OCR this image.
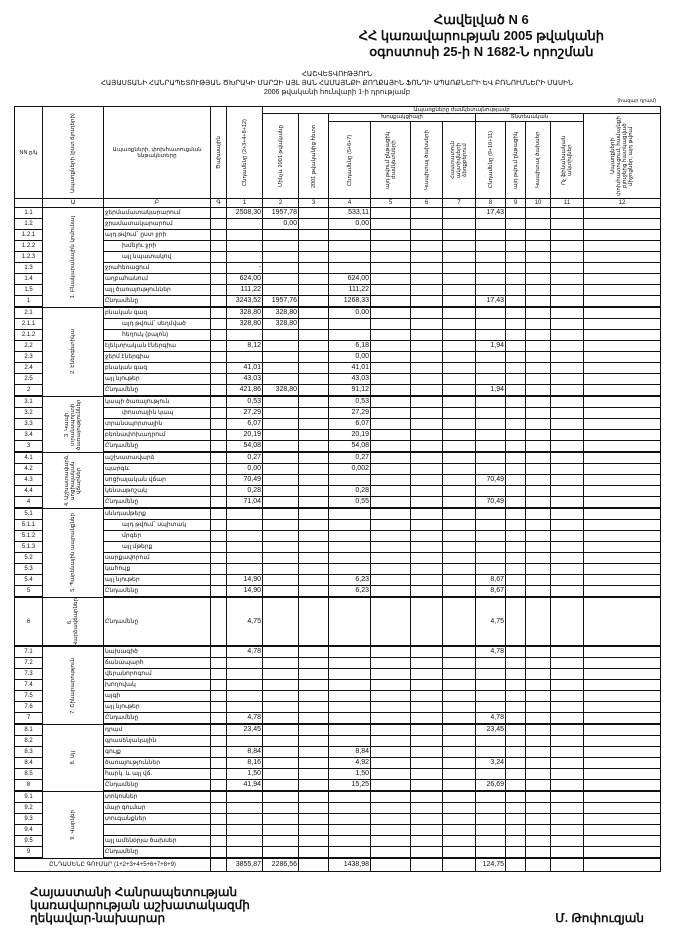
Հավելված N 6
ՀՀ կառավարության 2005 թվականի
օգոստոսի 25-ի N 1682-Ն որոշման
ՀԱՇՎԵՏՎՈՒԹՅՈՒՆ
ՀԱՅԱՍՏԱՆԻ ՀԱՆՐԱՊԵՏՈՒԹՅԱՆ ԾԽՐԱԿԻ ՄԱՐԶԻ ԱՅԼ ՅԱՆ ՀԱՄԱՅՆՔԻ ՔՈՂՔԱՅԻՆ ՖՈՆԴԻ ԱՊԱՌՔՆԵՐԻ ԵՎ ԲՌՆՈՒՄՆԵՐԻ ՄԱՍԻՆ
2006 թվականի հունվարի 1-ի դրությամբ
(հազար դրամ)
NN ը/կ	Ապառքների (ըստ ճյուղերի)	Ապառքների, փոխհատուցման ենթակետերը	Ծախսային	Ընդամենը (2+3+4+8+12)	Ապառքները ժամկետայնությամբ										

					Մինչև 2001 թվականը	2001 թվականից հետո	Խոսքակցիայի				Տնտեսական				Ապառքների փոխհատուցում, համայնքի բյուջեից հատկացված միջոցներ, այդ թվում

							Ընդամենը (5+6+7)	այդ թվում ընթացիկ ժամկետների	Կապիտալ ծախսերի	Հաստատուն ակտիվների ձեռքբերում	Ընդամենը (9+10+11)	այդ թվում ընթացիկ	Կապիտալ ծախսեր	Ոչ ֆինանսական ակտիվներ	

	Ա	Բ	Գ	1	2	3	4	5	6	7	8	9	10	11	12
1.1	1. Բնակարանային կոմունալ	ջերմամատակարարում		2508,30	1957,78		533,11				17,43				
1.2		ջրամատակարարում			0,00		0,00								
1.2.1		այդ թվում` ըստ ջրի													
1.2.2		խմելու ջրի													
1.2.3		այլ նպատակով													
1.3		ջրահեռացում		-											
1.4		աղբահանում		624,00			624,00								
1.5		այլ ծառայություններ		111,22			111,22								
1		Ընդամենը		3243,52	1957,76		1268,33				17,43				
2.1	2. Էներգետիկա	բնական գազ		328,80	328,80		0,00								
2.1.1		այդ թվում` սեղմված		328,80	328,80										
2.1.2		հեղուկ (բալոն)													
2.2		էլեկտրական էներգիա		8,12			6,18				1,94				
2.3		ջերմ էներգիա					0,00								
2.4		բնական գազ		41,01			41,01								
2.5		այլ նյութեր		43,03			43,03								
2		Ընդամենը		421,86	328,80		91,12				1,94				
3.1	3. Կապի, տրանսպորտի ծառայություններ	կապի ծառայություն		0,53			0,53								
3.2		փոստային կապ		27,29			27,29								
3.3		տրանսպորտային		6,07			6,07								
3.4		բեռնափոխադրում		20,19			20,19								
3		Ընդամենը		54,08			54,08								
4.1	4. Աշխատավարձ, սոցիալական վճարներ	աշխատավարձ		0,27			0,27								
4.2		պարգև		0,00			0,002								
4.3		սոցիալական վճար		70,49							70,49				
4.4		կենսաթոշակ		0,28			0,28								
4		Ընդամենը		71,04			0,55				70,49				
5.1	5. Պարենային ապրանքներ	սննդամթերք													
5.1.1		այդ թվում` սպիտակ													
5.1.2		մրգեր													
5.1.3		այլ մթերք													
5.2		սարքավորում													
5.3		կահույք													
5.4		այլ նյութեր		14,90			6,23				8,67				
5		Ընդամենը		14,90			6,23				8,67				
6	6. Վարձավճարներ	Ընդամենը		4,75							4,75				
7.1	7. Շինարարություն	նախագիծ		4,78							4,78				
7.2		ճանապարհ													
7.3		վերանորոգում													
7.4		խողովակ													
7.5		այգի													
7.6		այլ նյութեր													
7		Ընդամենը		4,78							4,78				
8.1	8. Այլ	դրամ		23,45							23,45				
8.2		գրասենյակային													
8.3		գույք		8,84			8,84								
8.4		ծառայություններ		8,16			4,92				3,24				
8.5		հարկ. և այլ վճ.		1,50			1,50								
8		Ընդամենը		41,94			15,25				26,69				
9.1	9. Վարկեր	տոկոսներ													
9.2		մայր գումար													
9.3		տուգանքներ													
9.4															
9.5		այլ ամենօրյա ծախսեր													
9		Ընդամենը													
ԸՆԴԱՄԵՆԸ ԳՈՒՄԱՐ (1+2+3+4+5+6+7+8+9)				3855,87	2286,56		1438,98				124,75				
Հայաստանի Հանրապետության
կառավարության աշխատակազմի
ղեկավար-նախարար	Մ. Թոփուզյան
